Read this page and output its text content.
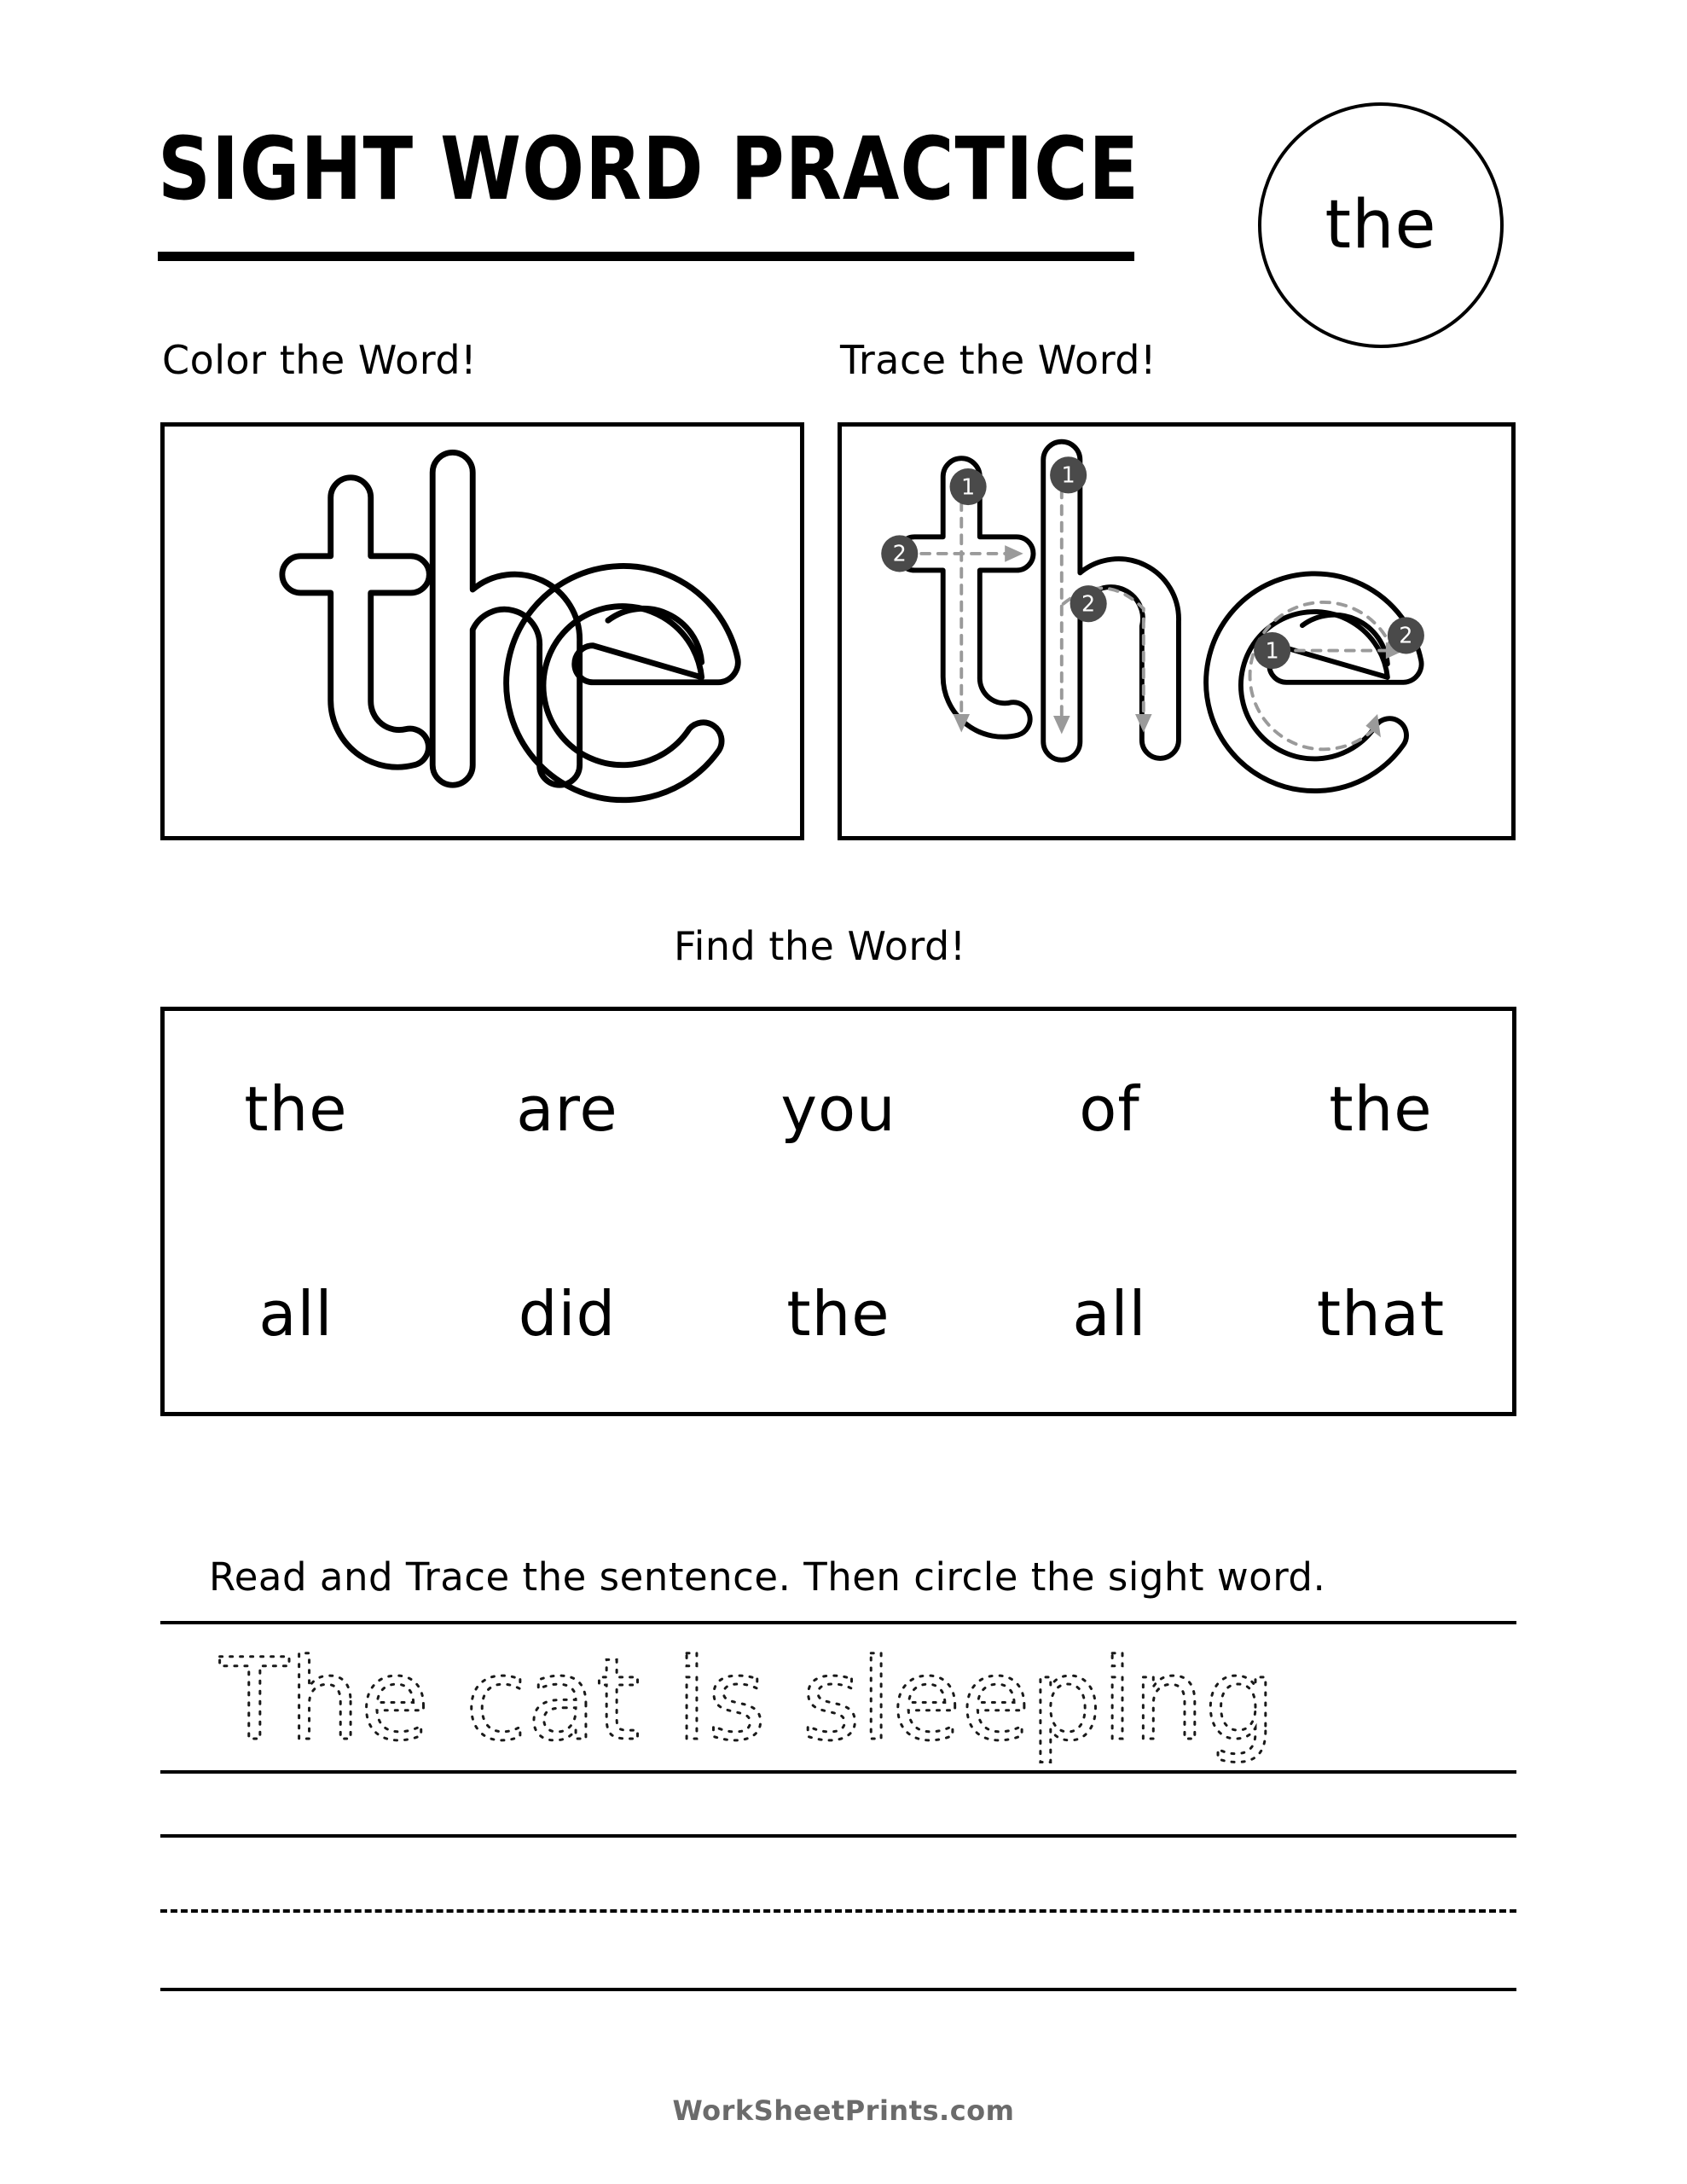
SIGHT WORD PRACTICE
the
Color the Word!	Trace the Word!
Find the Word!
Read and Trace the sentence. Then circle the sight word.
1
2
1
2
1
2
the	are	you	of	the
all	did	the	all	that
The cat is sleeping
WorkSheetPrints.com
